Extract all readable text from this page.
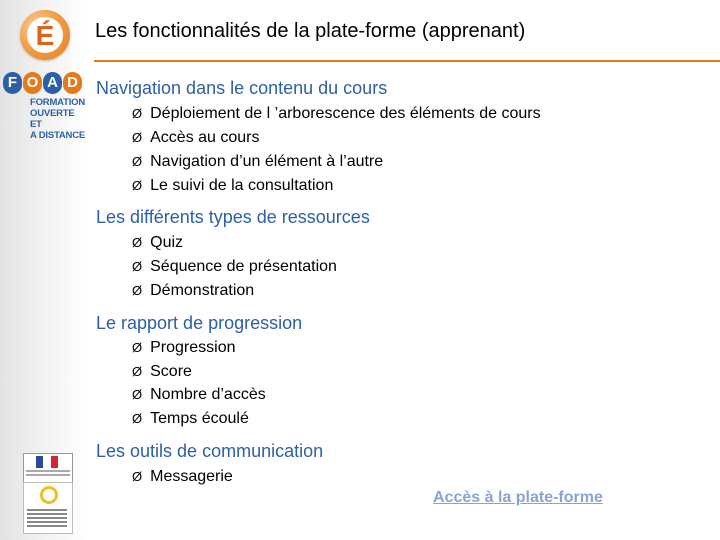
É
F O A D
FORMATION
OUVERTE ET
A DISTANCE
Les fonctionnalités de la plate-forme (apprenant)
Navigation dans le contenu du cours
Ø Déploiement de l ’arborescence des éléments de cours
Ø Accès au cours
Ø Navigation d’un élément à l’autre
Ø Le suivi de la consultation
Les différents types de ressources
Ø Quiz
Ø Séquence de présentation
Ø Démonstration
Le rapport de progression
Ø Progression
Ø Score
Ø Nombre d’accès
Ø Temps écoulé
Les outils de communication
Ø Messagerie
Accès à la plate-forme
